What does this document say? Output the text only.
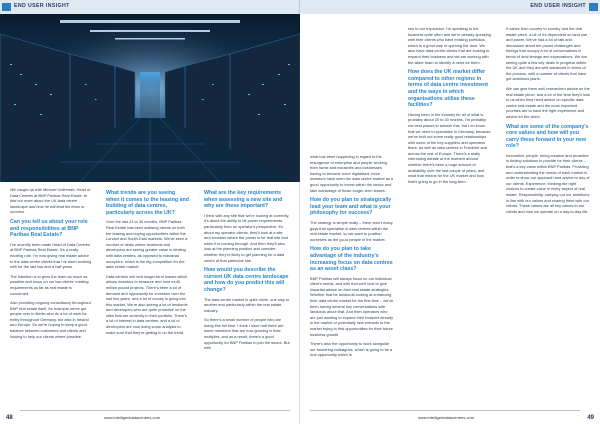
END USER INSIGHT

We caught up with Michael Unfireride, Head of Data Centres at BNP Paribas Real Estate, to find out more about the UK data centre landscape and how he will lead the team to success.

Can you tell us about your role and responsibilities at BNP Paribas Real Estate?

I've recently been made Head of Data Centres at BNP Paribas Real Estate. It's a really exciting role. I'm now giving real estate advice to the data centre clients that I've been working with for the last two and a half years.

The intention is to grow the team as much as possible and focus on our two clients' existing requirements as far as real estate is concerned.

Also providing ongoing consultancy throughout BNP real estate itself, for example we've got people over in Berlin who do a lot of work for entity throughout Germany, but also in Ireland and Europe. So we're hoping to keep a good balance between customers and clients and looking to help our clients where possible.

What trends are you seeing when it comes to the leasing and building of data centres, particularly across the UK?

Over the last 24 to 36 months, BNP Paribas Real Estate has been advising clients on both the leasing and buying opportunities within the London and South-East markets. We've seen a number of deals where landlords and developers are seeing greater value in dealing with data centres, as opposed to industrial occupiers, which is the big competition for the data centre market.

Data centres will hold longer-term leases which allows investors to reassure and fund multi-million pound projects. There's been a lot of demand and opportunity for investors over the last few years, and a lot of money is going into this market. We're also seeing a lot of landlords and developers who are quite proactive on the sites that are currently in their portfolio. There's a lot of interest in data centres, and a lot of developers are now doing some analysis to make sure that they're getting in on the trend.

What are the key requirements when assessing a new site and why are these important?

I think with any site that we're looking at currently, it's about the ability to hit power requirements, particularly from an operator's perspective. It's about my operator clients, they'll look at a site and consider where the power is for that site and when it is coming through. And then they'll also look at the planning position and consider whether they're likely to get planning for a data centre at that particular site.

How would you describe the current UK data centre landscape and how do you predict this will change?

The data centre market is quite niche, one way or another and particularly within the real estate industry.

So there's a small number of people who are doing this full time. I think I have half there are some members that are now growing in their multiples, and as a result, there's a good opportunity for BNP Paribas to join the sector. But with

48	www.intelligentdatacentres.com
END USER INSIGHT

what has been happening in regard to the resurgence of enterprise and people working from home and industries and businesses having to become more digitalised, more investors have seen the data centre market as a good opportunity to invest within the sector and take advantage of those longer-term leases.

How do you plan to strategically lead your team and what is your philosophy for success?

The strategy is simple really – there aren't many guys that specialise in data centres within the real estate market, so we want to position ourselves as the go-to people in the market.

How do you plan to take advantage of the industry's increasing focus on data centres as an asset class?

BNP Paribas will always focus on our individual client's needs, and with that we'll look to give impartial advice on their real estate strategies. Whether that be landlords looking at enhancing their data centre market for the first time – we've been having several key conversations with landlords about that. And then operators who are just wanting to expand their footprint already in the market or potentially new entrants to the market trying to find opportunities for their future business growth.

There's also the opportunity to work alongside our brokering colleagues, which is going to be a real opportunity which is

key to our expansion. I'm speaking to the business quite often and we're already speaking with their clients who have existing portfolios, which is a good way of opening the door. We also have data centre clients that are looking to expand their business and we are working with the wider team to identify a need for them.

How does the UK market differ compared to other regions in terms of data centre investment and the ways in which organisations utilise these facilities?

Having been in the industry for all of what is probably about 20 to 30 months, I'm probably not best placed to answer this, but I do know that we need to specialise in Germany, because we've built out some really good relationships with some of the key suppliers and operators there, as well as data centres in Frankfurt and across the rest of Europe. There's a really interesting debate at the moment around whether there's been a huge amount of availability over the last couple of years, and what that means for the UK market and how that's going to go in the long-term.

It varies from country to country and the real estate piece, a lot of it's dependent on land use and power. We've had a lot of talk and discussion about the power challenges and timings that occupy a lot of conversations in terms of deal timings and expectations. We are seeing quite a few key deals in progress within the UK and they are well advanced in terms of the process, with a number of clients that have got ambitious plans.

We can give them well-researched advice on the real estate piece, and a lot of the time they'll look to us when they need advice on specific data centre real estate and the most important priorities are to have the right experience and advice for the client.

What are some of the company's core values and how will you carry these forward in your new role?

Innovation, people, being creative and proactive in finding solutions to provide for their clients – that's a key value within BNP Paribas. Providing and understanding the needs of each market in order to show our approach and advice to any of our clients. Experience, thinking the right choices to create value in every aspect of real estate. Responsibility, carrying out our ambitions in line with our values and sharing them with our clients. These values are all key values to our clients and how we operate on a day-to-day life.

www.intelligentdatacentres.com	49
